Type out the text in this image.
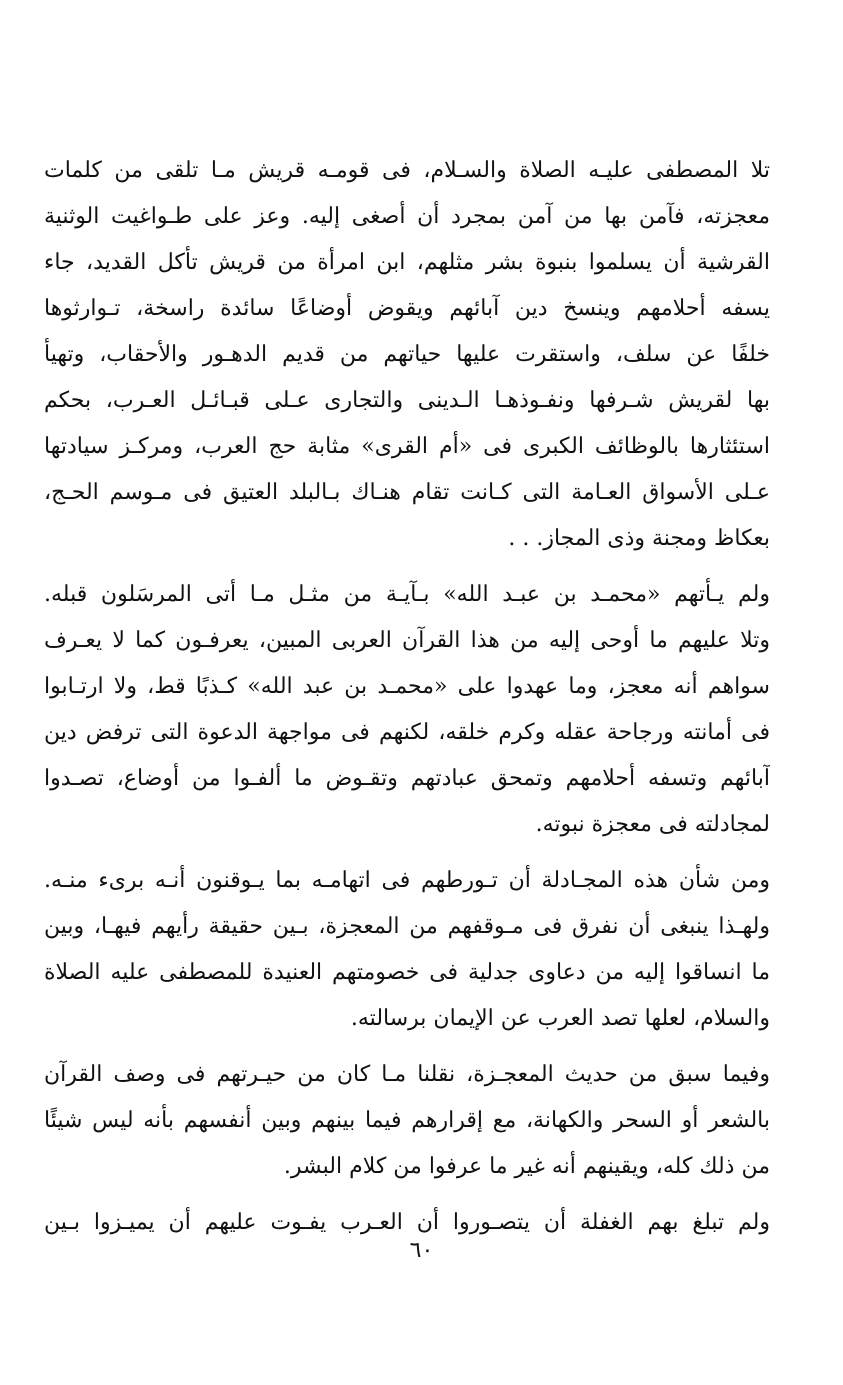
تلا المصطفى عليـه الصلاة والسـلام، فى قومـه قريش مـا تلقى من كلمات
معجزته، فآمن بها من آمن بمجرد أن أصغى إليه. وعز على طـواغيت الوثنية
القرشية أن يسلموا بنبوة بشر مثلهم، ابن امرأة من قريش تأكل القديد، جاء
يسفه أحلامهم وينسخ دين آبائهم ويقوض أوضاعًا سائدة راسخة، تـوارثوها
خلفًا عن سلف، واستقرت عليها حياتهم من قديم الدهـور والأحقاب، وتهيأ
بها لقريش شـرفها ونفـوذهـا الـدينى والتجارى عـلى قبـائـل العـرب، بحكم
استئثارها بالوظائف الكبرى فى «أم القرى» مثابة حج العرب، ومركـز سيادتها
عـلى الأسواق العـامة التى كـانت تقام هنـاك بـالبلد العتيق فى مـوسم الحـج،
بعكاظ ومجنة وذى المجاز. . .
ولم يـأتهم «محمـد بن عبـد الله» بـآيـة من مثـل مـا أتى المرسَلون قبله.
وتلا عليهم ما أوحى إليه من هذا القرآن العربى المبين، يعرفـون كما لا يعـرف
سواهم أنه معجز، وما عهدوا على «محمـد بن عبد الله» كـذبًا قط، ولا ارتـابوا
فى أمانته ورجاحة عقله وكرم خلقه، لكنهم فى مواجهة الدعوة التى ترفض دين
آبائهم وتسفه أحلامهم وتمحق عبادتهم وتقـوض ما ألفـوا من أوضاع، تصـدوا
لمجادلته فى معجزة نبوته.
ومن شأن هذه المجـادلة أن تـورطهم فى اتهامـه بما يـوقنون أنـه برىء منـه.
ولهـذا ينبغى أن نفرق فى مـوقفهم من المعجزة، بـين حقيقة رأيهم فيهـا، وبين
ما انساقوا إليه من دعاوى جدلية فى خصومتهم العنيدة للمصطفى عليه الصلاة
والسلام، لعلها تصد العرب عن الإيمان برسالته.
وفيما سبق من حديث المعجـزة، نقلنا مـا كان من حيـرتهم فى وصف القرآن
بالشعر أو السحر والكهانة، مع إقرارهم فيما بينهم وبين أنفسهم بأنه ليس شيئًا
من ذلك كله، ويقينهم أنه غير ما عرفوا من كلام البشر.
ولم تبلغ بهم الغفلة أن يتصـوروا أن العـرب يفـوت عليهم أن يميـزوا بـين
٦٠
